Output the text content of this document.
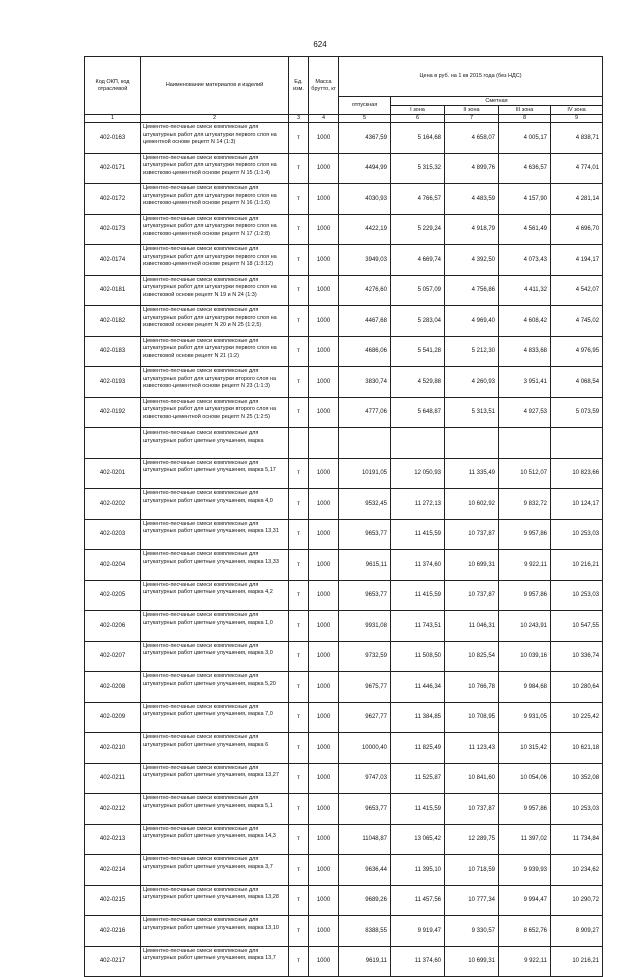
624
Код ОКП, код отраслевой	Наименование материалов и изделий	Ед. изм.	Масса брутто, кг	Цена в руб. на 1 кв 2015 года (без НДС)				
				отпускная	Сметная			
					I зона	II зона	III зона	IV зона
1	2	3	4	5	6	7	8	9
402-0163	Цементно-песчаные смеси комплексные для штукатурных работ для штукатурки первого слоя на цементной основе рецепт N 14 (1:3)	т	1000	4367,59	5 164,68	4 658,07	4 005,17	4 838,71
402-0171	Цементно-песчаные смеси комплексные для штукатурных работ для штукатурки первого слоя на известково-цементной основе рецепт N 15 (1:1:4)	т	1000	4494,99	5 315,32	4 899,76	4 636,57	4 774,01
402-0172	Цементно-песчаные смеси комплексные для штукатурных работ для штукатурки первого слоя на известково-цементной основе рецепт N 16 (1:1:6)	т	1000	4030,93	4 766,57	4 483,59	4 157,90	4 281,14
402-0173	Цементно-песчаные смеси комплексные для штукатурных работ для штукатурки первого слоя на известково-цементной основе рецепт N 17 (1:2:8)	т	1000	4422,19	5 229,24	4 918,79	4 561,49	4 696,70
402-0174	Цементно-песчаные смеси комплексные для штукатурных работ для штукатурки первого слоя на известково-цементной основе рецепт N 18 (1:3:12)	т	1000	3949,03	4 669,74	4 392,50	4 073,43	4 194,17
402-0181	Цементно-песчаные смеси комплексные для штукатурных работ для штукатурки первого слоя на известковой основе рецепт N 19 и N 24 (1:3)	т	1000	4276,60	5 057,09	4 756,86	4 411,32	4 542,07
402-0182	Цементно-песчаные смеси комплексные для штукатурных работ для штукатурки первого слоя на известковой основе рецепт N 20 и N 25 (1:2,5)	т	1000	4467,68	5 283,04	4 969,40	4 608,42	4 745,02
402-0183	Цементно-песчаные смеси комплексные для штукатурных работ для штукатурки первого слоя на известковой основе рецепт N 21 (1:2)	т	1000	4686,06	5 541,28	5 212,30	4 833,68	4 976,95
402-0193	Цементно-песчаные смеси комплексные для штукатурных работ для штукатурки второго слоя на известково-цементной основе рецепт N 23 (1:1:3)	т	1000	3830,74	4 529,88	4 260,93	3 951,41	4 068,54
402-0192	Цементно-песчаные смеси комплексные для штукатурных работ для штукатурки второго слоя на известково-цементной основе рецепт N 25 (1:2:5)	т	1000	4777,06	5 648,87	5 313,51	4 927,53	5 073,59
	Цементно-песчаные смеси комплексные для штукатурных работ цветные улучшения, марка							
402-0201	Цементно-песчаные смеси комплексные для штукатурных работ цветные улучшения, марка 5,17	т	1000	10191,05	12 050,93	11 335,49	10 512,07	10 823,66
402-0202	Цементно-песчаные смеси комплексные для штукатурных работ цветные улучшения, марка 4,0	т	1000	9532,45	11 272,13	10 602,92	9 832,72	10 124,17
402-0203	Цементно-песчаные смеси комплексные для штукатурных работ цветные улучшения, марка 13,31	т	1000	9653,77	11 415,59	10 737,87	9 957,86	10 253,03
402-0204	Цементно-песчаные смеси комплексные для штукатурных работ цветные улучшения, марка 13,33	т	1000	9615,11	11 374,60	10 699,31	9 922,11	10 216,21
402-0205	Цементно-песчаные смеси комплексные для штукатурных работ цветные улучшения, марка 4,2	т	1000	9653,77	11 415,59	10 737,87	9 957,86	10 253,03
402-0206	Цементно-песчаные смеси комплексные для штукатурных работ цветные улучшения, марка 1,0	т	1000	9931,08	11 743,51	11 046,31	10 243,91	10 547,55
402-0207	Цементно-песчаные смеси комплексные для штукатурных работ цветные улучшения, марка 3,0	т	1000	9732,59	11 508,50	10 825,54	10 039,16	10 336,74
402-0208	Цементно-песчаные смеси комплексные для штукатурных работ цветные улучшения, марка 5,20	т	1000	9675,77	11 446,34	10 766,78	9 984,68	10 280,64
402-0209	Цементно-песчаные смеси комплексные для штукатурных работ цветные улучшения, марка 7,0	т	1000	9627,77	11 384,85	10 708,95	9 931,05	10 225,42
402-0210	Цементно-песчаные смеси комплексные для штукатурных работ цветные улучшения, марка 6	т	1000	10000,40	11 825,49	11 123,43	10 315,42	10 621,18
402-0211	Цементно-песчаные смеси комплексные для штукатурных работ цветные улучшения, марка 13,27	т	1000	9747,03	11 525,87	10 841,60	10 054,06	10 352,08
402-0212	Цементно-песчаные смеси комплексные для штукатурных работ цветные улучшения, марка 5,1	т	1000	9653,77	11 415,59	10 737,87	9 957,86	10 253,03
402-0213	Цементно-песчаные смеси комплексные для штукатурных работ цветные улучшения, марка 14,3	т	1000	11048,87	13 065,42	12 289,75	11 397,02	11 734,84
402-0214	Цементно-песчаные смеси комплексные для штукатурных работ цветные улучшения, марка 3,7	т	1000	9636,44	11 395,10	10 718,59	9 939,93	10 234,62
402-0215	Цементно-песчаные смеси комплексные для штукатурных работ цветные улучшения, марка 13,28	т	1000	9689,26	11 457,56	10 777,34	9 994,47	10 290,72
402-0216	Цементно-песчаные смеси комплексные для штукатурных работ цветные улучшения, марка 13,10	т	1000	8388,55	9 919,47	9 330,57	8 652,76	8 909,27
402-0217	Цементно-песчаные смеси комплексные для штукатурных работ цветные улучшения, марка 13,7	т	1000	9619,11	11 374,60	10 699,31	9 922,11	10 216,21
